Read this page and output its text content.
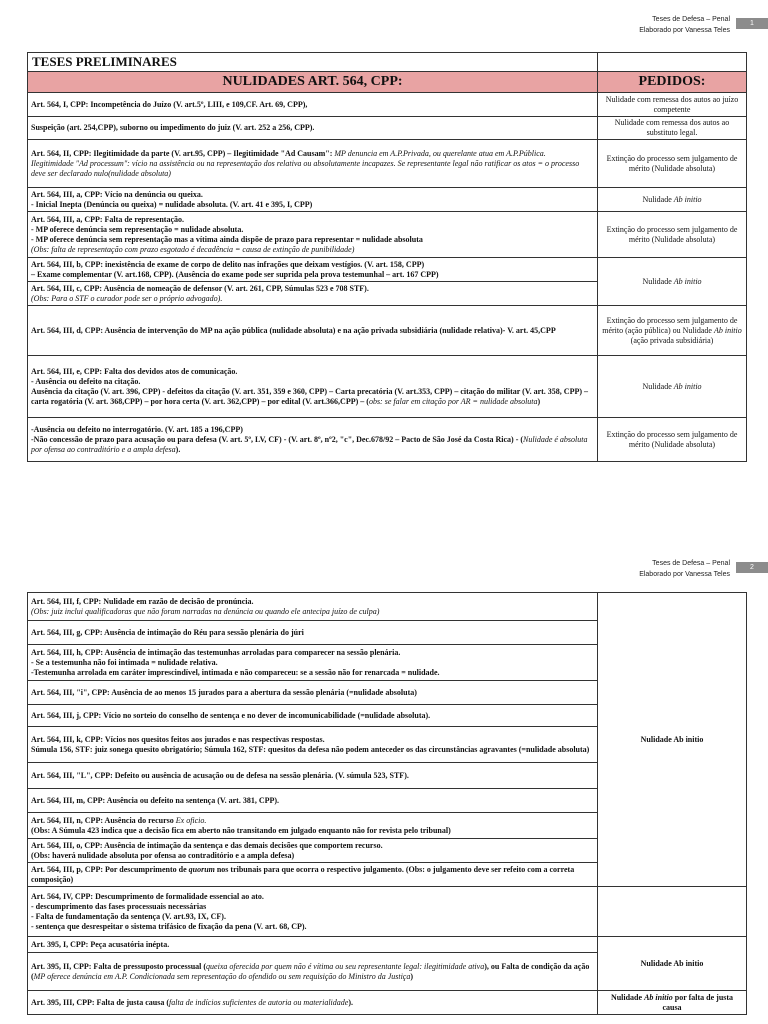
Teses de Defesa – Penal
Elaborado por Vanessa Teles
1
TESES PRELIMINARES	
NULIDADES ART. 564, CPP:	PEDIDOS:
Art. 564, I, CPP: Incompetência do Juízo (V. art.5º, LIII, e 109,CF. Art. 69, CPP),	Nulidade com remessa dos autos ao juízo competente
Suspeição (art. 254,CPP), suborno ou impedimento do juiz (V. art. 252 a 256, CPP).	Nulidade com remessa dos autos ao substituto legal.
Art. 564, II, CPP: Ilegitimidade da parte (V. art.95, CPP) – Ilegitimidade "Ad Causam": MP denuncia em A.P.Privada, ou querelante atua em A.P.Pública.
Ilegitimidade "Ad processum": vício na assistência ou na representação dos relativa ou absolutamente incapazes. Se representante legal não ratificar os atos = o processo deve ser declarado nulo(nulidade absoluta)	Extinção do processo sem julgamento de mérito (Nulidade absoluta)

Art. 564, III, a, CPP: Vício na denúncia ou queixa.
- Inicial Inepta (Denúncia ou queixa) = nulidade absoluta. (V. art. 41 e 395, I, CPP)	Nulidade Ab initio

Art. 564, III, a, CPP: Falta de representação.
- MP oferece denúncia sem representação = nulidade absoluta.
- MP oferece denúncia sem representação mas a vítima ainda dispõe de prazo para representar = nulidade absoluta
(Obs: falta de representação com prazo esgotado é decadência = causa de extinção de punibilidade)	Extinção do processo sem julgamento de mérito (Nulidade absoluta)

Art. 564, III, b, CPP: inexistência de exame de corpo de delito nas infrações que deixam vestígios. (V. art. 158, CPP)
– Exame complementar (V. art.168, CPP). (Ausência do exame pode ser suprida pela prova testemunhal – art. 167 CPP)	Nulidade Ab initio

Art. 564, III, c, CPP: Ausência de nomeação de defensor (V. art. 261, CPP, Súmulas 523 e 708 STF).
(Obs: Para o STF o curador pode ser o próprio advogado).	

Art. 564, III, d, CPP: Ausência de intervenção do MP na ação pública (nulidade absoluta) e na ação privada subsidiária (nulidade relativa)- V. art. 45,CPP	Extinção do processo sem julgamento de mérito (ação pública) ou Nulidade Ab initio (ação privada subsidiária)

Art. 564, III, e, CPP: Falta dos devidos atos de comunicação.
- Ausência ou defeito na citação.
Ausência da citação (V. art. 396, CPP) - defeitos da citação (V. art. 351, 359 e 360, CPP) – Carta precatória (V. art.353, CPP) – citação do militar (V. art. 358, CPP) – carta rogatória (V. art. 368,CPP) – por hora certa (V. art. 362,CPP) – por edital (V. art.366,CPP) – (obs: se falar em citação por AR = nulidade absoluta)	Nulidade Ab initio

-Ausência ou defeito no interrogatório. (V. art. 185 a 196,CPP)
-Não concessão de prazo para acusação ou para defesa (V. art. 5º, LV, CF) - (V. art. 8º, nº2, "c", Dec.678/92 – Pacto de São José da Costa Rica) - (Nulidade é absoluta por ofensa ao contraditório e a ampla defesa).	Extinção do processo sem julgamento de mérito (Nulidade absoluta)
Teses de Defesa – Penal
Elaborado por Vanessa Teles
2
Art. 564, III, f, CPP: Nulidade em razão de decisão de pronúncia.
(Obs: juiz inclui qualificadoras que não foram narradas na denúncia ou quando ele antecipa juízo de culpa)	Nulidade Ab initio
Art. 564, III, g, CPP: Ausência de intimação do Réu para sessão plenária do júri	

Art. 564, III, h, CPP: Ausência de intimação das testemunhas arroladas para comparecer na sessão plenária.
- Se a testemunha não foi intimada = nulidade relativa.
-Testemunha arrolada em caráter imprescindível, intimada e não compareceu: se a sessão não for renarcada = nulidade.	

Art. 564, III, "i", CPP: Ausência de ao menos 15 jurados para a abertura da sessão plenária (=nulidade absoluta)	
Art. 564, III, j, CPP: Vício no sorteio do conselho de sentença e no dever de incomunicabilidade (=nulidade absoluta).	

Art. 564, III, k, CPP: Vícios nos quesitos feitos aos jurados e nas respectivas respostas.
Súmula 156, STF: juiz sonega quesito obrigatório; Súmula 162, STF: quesitos da defesa não podem anteceder os das circunstâncias agravantes (=nulidade absoluta)	

Art. 564, III, "L", CPP: Defeito ou ausência de acusação ou de defesa na sessão plenária. (V. súmula 523, STF).	
Art. 564, III, m, CPP: Ausência ou defeito na sentença (V. art. 381, CPP).	
Art. 564, III, n, CPP: Ausência do recurso Ex oficio.
(Obs: A Súmula 423 indica que a decisão fica em aberto não transitando em julgado enquanto não for revista pelo tribunal)	

Art. 564, III, o, CPP: Ausência de intimação da sentença e das demais decisões que comportem recurso.
(Obs: haverá nulidade absoluta por ofensa ao contraditório e a ampla defesa)	

Art. 564, III, p, CPP: Por descumprimento de quorum nos tribunais para que ocorra o respectivo julgamento. (Obs: o julgamento deve ser refeito com a correta composição)	

Art. 564, IV, CPP: Descumprimento de formalidade essencial ao ato.
- descumprimento das fases processuais necessárias
- Falta de fundamentação da sentença (V. art.93, IX, CF).
- sentença que desrespeitar o sistema trifásico de fixação da pena (V. art. 68, CP).	

Art. 395, I, CPP: Peça acusatória inépta.	Nulidade Ab initio
Art. 395, II, CPP: Falta de pressuposto processual (queixa oferecida por quem não é vítima ou seu representante legal: ilegitimidade ativa), ou Falta de condição da ação (MP oferece denúncia em A.P. Condicionada sem representação do ofendido ou sem requisição do Ministro da Justiça)	
Art. 395, III, CPP: Falta de justa causa (falta de indícios suficientes de autoria ou materialidade).	Nulidade Ab initio por falta de justa causa
